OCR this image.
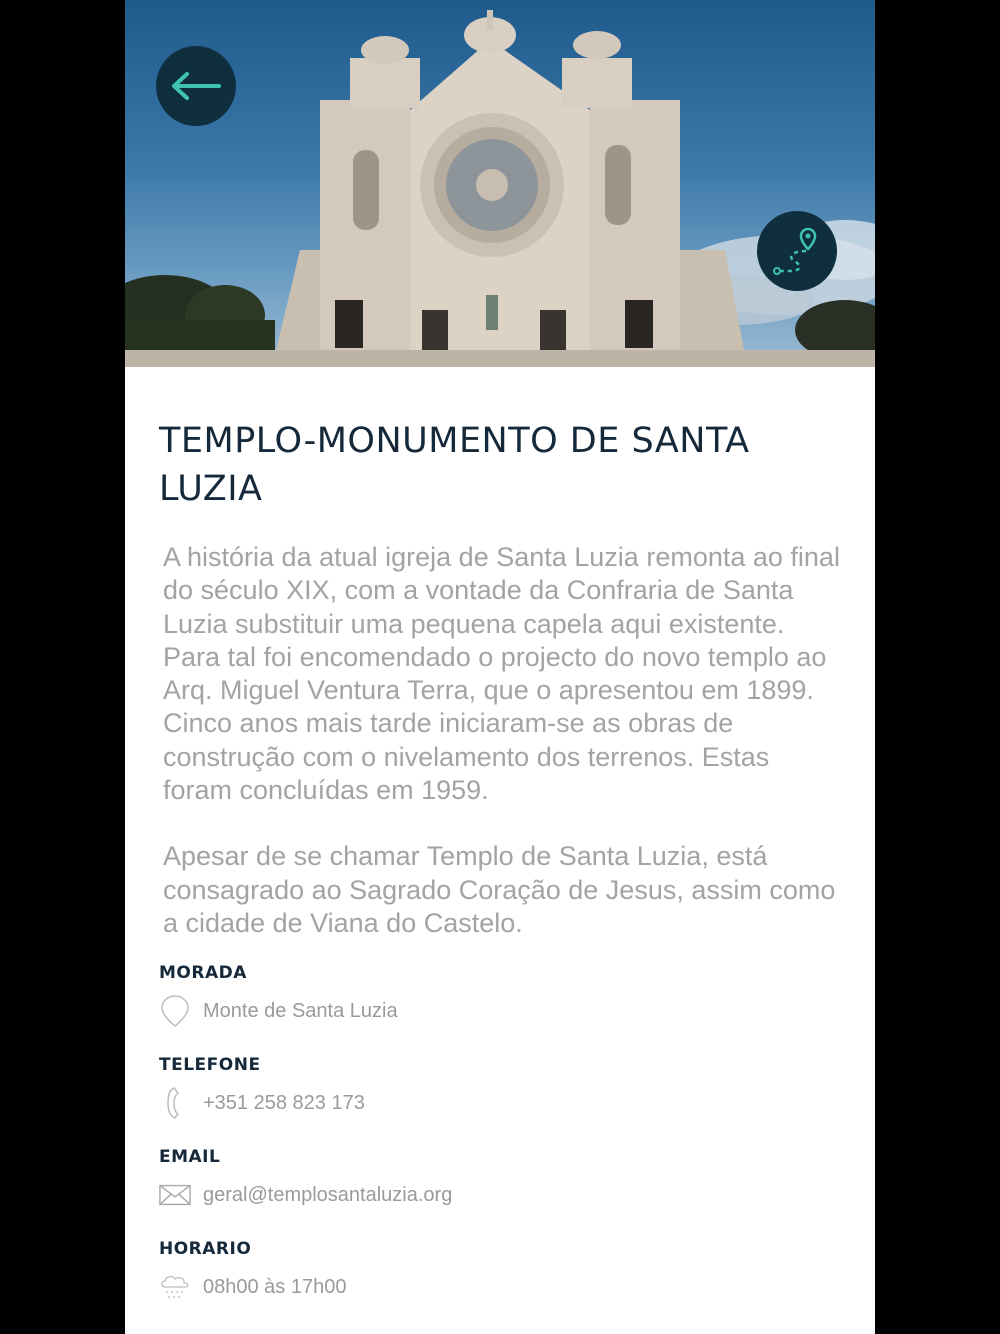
TEMPLO-MONUMENTO DE SANTA LUZIA

A história da atual igreja de Santa Luzia remonta ao final do século XIX, com a vontade da Confraria de Santa Luzia substituir uma pequena capela aqui existente. Para tal foi encomendado o projecto do novo templo ao Arq. Miguel Ventura Terra, que o apresentou em 1899. Cinco anos mais tarde iniciaram-se as obras de construção com o nivelamento dos terrenos. Estas foram concluídas em 1959.

Apesar de se chamar Templo de Santa Luzia, está consagrado ao Sagrado Coração de Jesus, assim como a cidade de Viana do Castelo.

MORADA
Monte de Santa Luzia
TELEFONE
+351 258 823 173
EMAIL
geral@templosantaluzia.org
HORARIO
08h00 às 17h00
